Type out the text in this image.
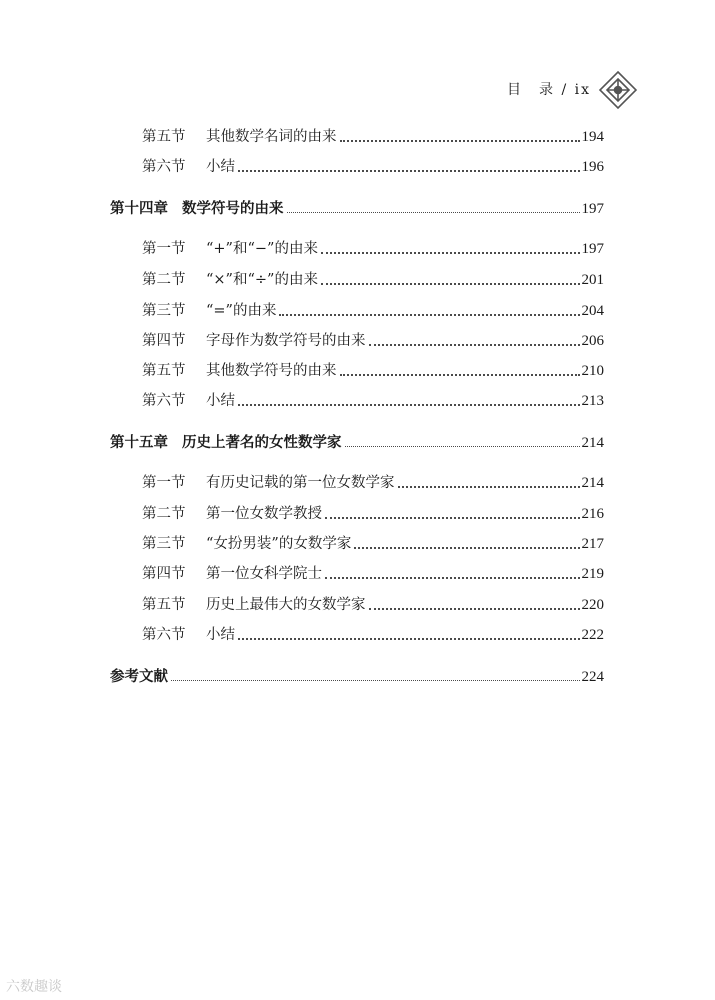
目　录 / ix
第五节 其他数学名词的由来	194
第六节 小结	196
第十四章 数学符号的由来	197
第一节 “+”和“−”的由来	197
第二节 “×”和“÷”的由来	201
第三节 “=”的由来	204
第四节 字母作为数学符号的由来	206
第五节 其他数学符号的由来	210
第六节 小结	213
第十五章 历史上著名的女性数学家	214
第一节 有历史记载的第一位女数学家	214
第二节 第一位女数学教授	216
第三节 “女扮男装”的女数学家	217
第四节 第一位女科学院士	219
第五节 历史上最伟大的女数学家	220
第六节 小结	222
参考文献	224
六数趣谈
